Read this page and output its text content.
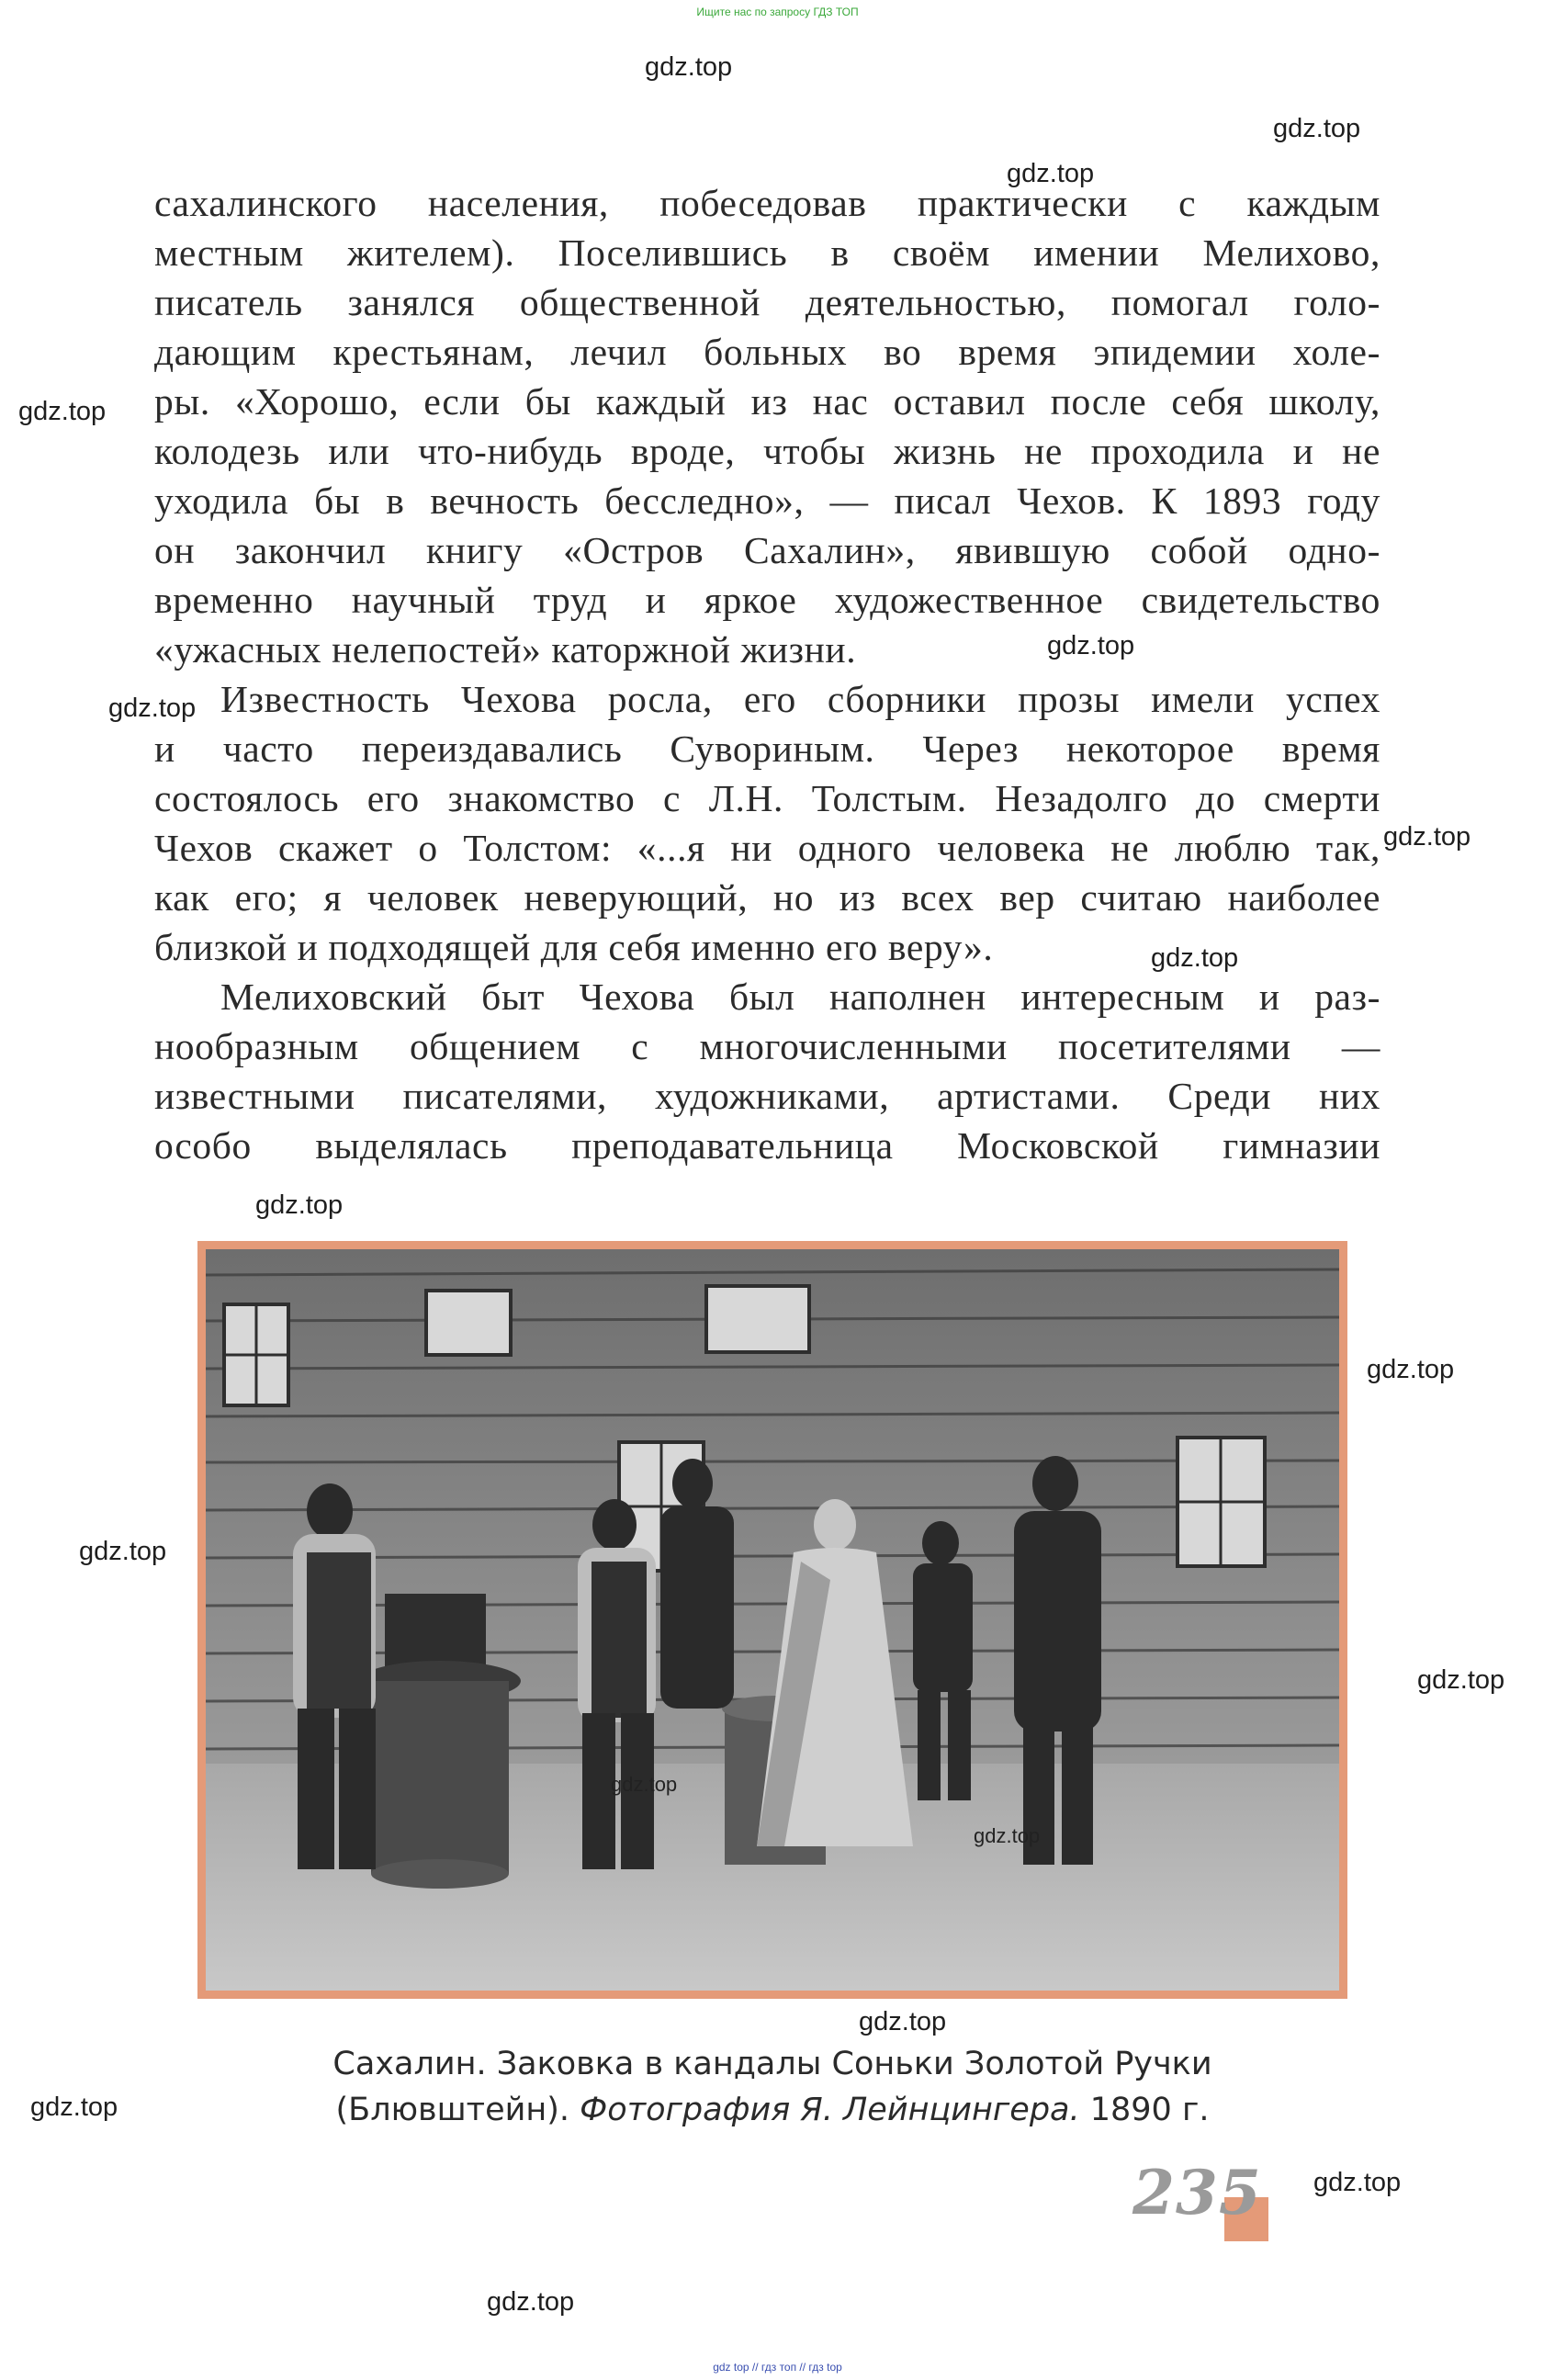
Ищите нас по запросу ГДЗ ТОП
gdz.top
gdz.top
gdz.top
gdz.top
gdz.top
gdz.top
gdz.top
gdz.top
gdz.top
gdz.top
gdz.top
gdz.top
gdz.top
gdz.top
gdz.top
gdz.top
сахалинского населения, побеседовав практически с каждым
местным жителем). Поселившись в своём имении Мелихово,
писатель занялся общественной деятельностью, помогал голо-
дающим крестьянам, лечил больных во время эпидемии холе-
ры. «Хорошо, если бы каждый из нас оставил после себя школу,
колодезь или что-нибудь вроде, чтобы жизнь не проходила и не
уходила бы в вечность бесследно», — писал Чехов. К 1893 году
он закончил книгу «Остров Сахалин», явившую собой одно-
временно научный труд и яркое художественное свидетельство
«ужасных нелепостей» каторжной жизни.
Известность Чехова росла, его сборники прозы имели успех
и часто переиздавались Сувориным. Через некоторое время
состоялось его знакомство с Л.Н. Толстым. Незадолго до смерти
Чехов скажет о Толстом: «...я ни одного человека не люблю так,
как его; я человек неверующий, но из всех вер считаю наиболее
близкой и подходящей для себя именно его веру».
Мелиховский быт Чехова был наполнен интересным и раз-
нообразным общением с многочисленными посетителями —
известными писателями, художниками, артистами. Среди них
особо выделялась преподавательница Московской гимназии
gdz.top
gdz.top
Сахалин. Заковка в кандалы Соньки Золотой Ручки
(Блювштейн). Фотография Я. Лейнцингера. 1890 г.
235
gdz top // гдз топ // гдз top
